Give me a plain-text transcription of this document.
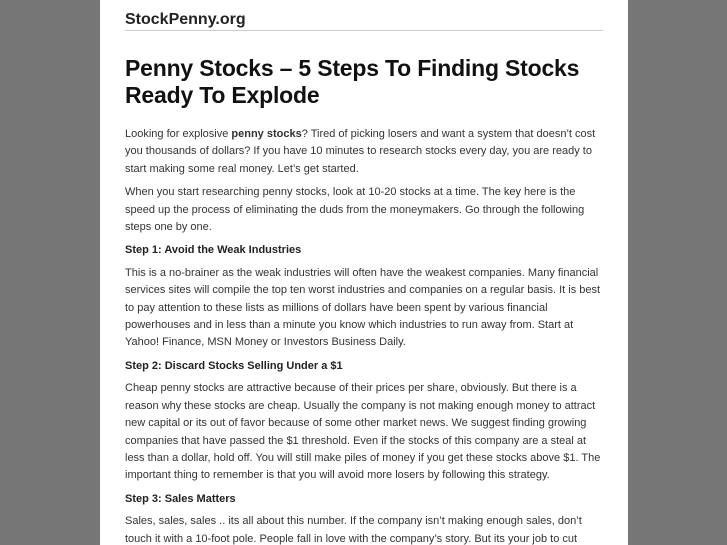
StockPenny.org
Penny Stocks – 5 Steps To Finding Stocks Ready To Explode

Looking for explosive penny stocks? Tired of picking losers and want a system that doesn’t cost you thousands of dollars? If you have 10 minutes to research stocks every day, you are ready to start making some real money. Let’s get started.

When you start researching penny stocks, look at 10-20 stocks at a time. The key here is the speed up the process of eliminating the duds from the moneymakers. Go through the following steps one by one.

Step 1: Avoid the Weak Industries

This is a no-brainer as the weak industries will often have the weakest companies. Many financial services sites will compile the top ten worst industries and companies on a regular basis. It is best to pay attention to these lists as millions of dollars have been spent by various financial powerhouses and in less than a minute you know which industries to run away from. Start at Yahoo! Finance, MSN Money or Investors Business Daily.

Step 2: Discard Stocks Selling Under a $1

Cheap penny stocks are attractive because of their prices per share, obviously. But there is a reason why these stocks are cheap. Usually the company is not making enough money to attract new capital or its out of favor because of some other market news. We suggest finding growing companies that have passed the $1 threshold. Even if the stocks of this company are a steal at less than a dollar, hold off. You will still make piles of money if you get these stocks above $1. The important thing to remember is that you will avoid more losers by following this strategy.

Step 3: Sales Matters

Sales, sales, sales .. its all about this number. If the company isn’t making enough sales, don’t touch it with a 10-foot pole. People fall in love with the company’s story. But its your job to cut
